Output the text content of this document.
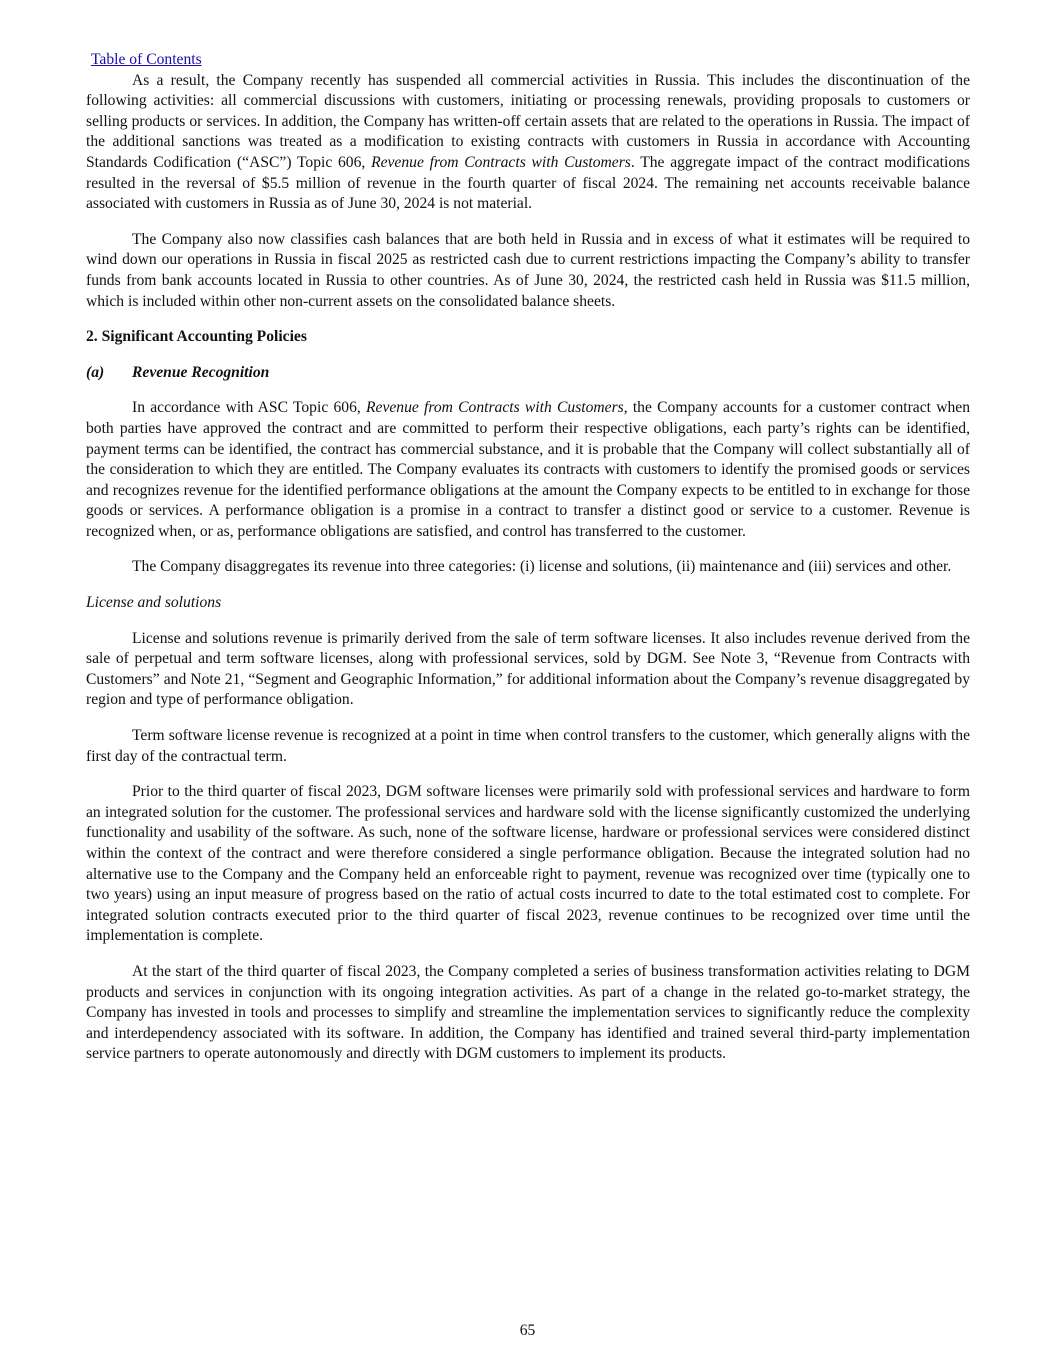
Table of Contents

As a result, the Company recently has suspended all commercial activities in Russia. This includes the discontinuation of the following activities: all commercial discussions with customers, initiating or processing renewals, providing proposals to customers or selling products or services. In addition, the Company has written-off certain assets that are related to the operations in Russia. The impact of the additional sanctions was treated as a modification to existing contracts with customers in Russia in accordance with Accounting Standards Codification (“ASC”) Topic 606, Revenue from Contracts with Customers. The aggregate impact of the contract modifications resulted in the reversal of $5.5 million of revenue in the fourth quarter of fiscal 2024. The remaining net accounts receivable balance associated with customers in Russia as of June 30, 2024 is not material.

The Company also now classifies cash balances that are both held in Russia and in excess of what it estimates will be required to wind down our operations in Russia in fiscal 2025 as restricted cash due to current restrictions impacting the Company’s ability to transfer funds from bank accounts located in Russia to other countries. As of June 30, 2024, the restricted cash held in Russia was $11.5 million, which is included within other non-current assets on the consolidated balance sheets.

2. Significant Accounting Policies
(a) Revenue Recognition

In accordance with ASC Topic 606, Revenue from Contracts with Customers, the Company accounts for a customer contract when both parties have approved the contract and are committed to perform their respective obligations, each party’s rights can be identified, payment terms can be identified, the contract has commercial substance, and it is probable that the Company will collect substantially all of the consideration to which they are entitled. The Company evaluates its contracts with customers to identify the promised goods or services and recognizes revenue for the identified performance obligations at the amount the Company expects to be entitled to in exchange for those goods or services. A performance obligation is a promise in a contract to transfer a distinct good or service to a customer. Revenue is recognized when, or as, performance obligations are satisfied, and control has transferred to the customer.

The Company disaggregates its revenue into three categories: (i) license and solutions, (ii) maintenance and (iii) services and other.

License and solutions

License and solutions revenue is primarily derived from the sale of term software licenses. It also includes revenue derived from the sale of perpetual and term software licenses, along with professional services, sold by DGM. See Note 3, “Revenue from Contracts with Customers” and Note 21, “Segment and Geographic Information,” for additional information about the Company’s revenue disaggregated by region and type of performance obligation.

Term software license revenue is recognized at a point in time when control transfers to the customer, which generally aligns with the first day of the contractual term.

Prior to the third quarter of fiscal 2023, DGM software licenses were primarily sold with professional services and hardware to form an integrated solution for the customer. The professional services and hardware sold with the license significantly customized the underlying functionality and usability of the software. As such, none of the software license, hardware or professional services were considered distinct within the context of the contract and were therefore considered a single performance obligation. Because the integrated solution had no alternative use to the Company and the Company held an enforceable right to payment, revenue was recognized over time (typically one to two years) using an input measure of progress based on the ratio of actual costs incurred to date to the total estimated cost to complete. For integrated solution contracts executed prior to the third quarter of fiscal 2023, revenue continues to be recognized over time until the implementation is complete.

At the start of the third quarter of fiscal 2023, the Company completed a series of business transformation activities relating to DGM products and services in conjunction with its ongoing integration activities. As part of a change in the related go-to-market strategy, the Company has invested in tools and processes to simplify and streamline the implementation services to significantly reduce the complexity and interdependency associated with its software. In addition, the Company has identified and trained several third-party implementation service partners to operate autonomously and directly with DGM customers to implement its products.

65
